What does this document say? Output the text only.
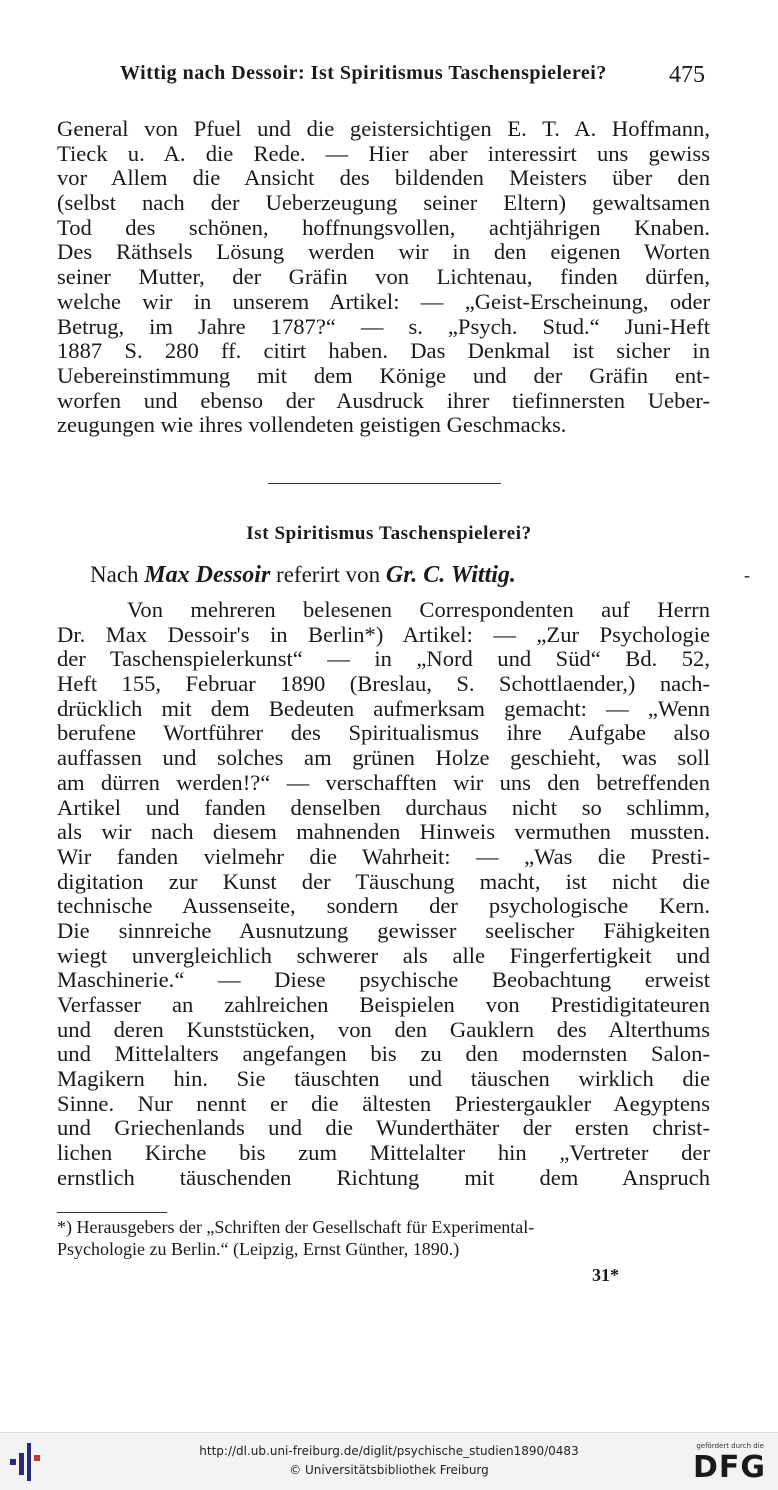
Wittig nach Dessoir: Ist Spiritismus Taschenspielerei?	475
General von Pfuel und die geistersichtigen E. T. A. Hoffmann,
Tieck u. A. die Rede. — Hier aber interessirt uns gewiss
vor Allem die Ansicht des bildenden Meisters über den
(selbst nach der Ueberzeugung seiner Eltern) gewaltsamen
Tod des schönen, hoffnungsvollen, achtjährigen Knaben.
Des Räthsels Lösung werden wir in den eigenen Worten
seiner Mutter, der Gräfin von Lichtenau, finden dürfen,
welche wir in unserem Artikel: — „Geist-Erscheinung, oder
Betrug, im Jahre 1787?“ — s. „Psych. Stud.“ Juni-Heft
1887 S. 280 ff. citirt haben. Das Denkmal ist sicher in
Uebereinstimmung mit dem Könige und der Gräfin ent-
worfen und ebenso der Ausdruck ihrer tiefinnersten Ueber-
zeugungen wie ihres vollendeten geistigen Geschmacks.
Ist Spiritismus Taschenspielerei?
Nach Max Dessoir referirt von Gr. C. Wittig.	-
Von mehreren belesenen Correspondenten auf Herrn
Dr. Max Dessoir's in Berlin*) Artikel: — „Zur Psychologie
der Taschenspielerkunst“ — in „Nord und Süd“ Bd. 52,
Heft 155, Februar 1890 (Breslau, S. Schottlaender,) nach-
drücklich mit dem Bedeuten aufmerksam gemacht: — „Wenn
berufene Wortführer des Spiritualismus ihre Aufgabe also
auffassen und solches am grünen Holze geschieht, was soll
am dürren werden!?“ — verschafften wir uns den betreffenden
Artikel und fanden denselben durchaus nicht so schlimm,
als wir nach diesem mahnenden Hinweis vermuthen mussten.
Wir fanden vielmehr die Wahrheit: — „Was die Presti-
digitation zur Kunst der Täuschung macht, ist nicht die
technische Aussenseite, sondern der psychologische Kern.
Die sinnreiche Ausnutzung gewisser seelischer Fähigkeiten
wiegt unvergleichlich schwerer als alle Fingerfertigkeit und
Maschinerie.“ — Diese psychische Beobachtung erweist
Verfasser an zahlreichen Beispielen von Prestidigitateuren
und deren Kunststücken, von den Gauklern des Alterthums
und Mittelalters angefangen bis zu den modernsten Salon-
Magikern hin. Sie täuschten und täuschen wirklich die
Sinne. Nur nennt er die ältesten Priestergaukler Aegyptens
und Griechenlands und die Wunderthäter der ersten christ-
lichen Kirche bis zum Mittelalter hin „Vertreter der
ernstlich täuschenden Richtung mit dem Anspruch
*) Herausgebers der „Schriften der Gesellschaft für Experimental-
Psychologie zu Berlin.“ (Leipzig, Ernst Günther, 1890.)
31*
http://dl.ub.uni-freiburg.de/diglit/psychische_studien1890/0483
© Universitätsbibliothek Freiburg
gefördert durch die
DFG
